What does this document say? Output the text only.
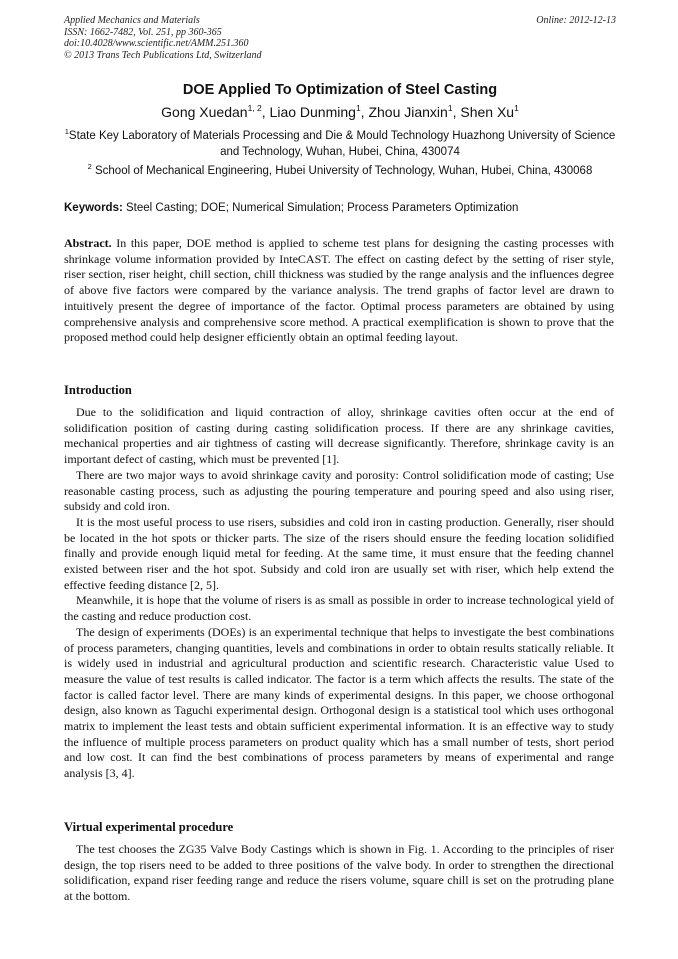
Applied Mechanics and Materials
ISSN: 1662-7482, Vol. 251, pp 360-365
doi:10.4028/www.scientific.net/AMM.251.360
© 2013 Trans Tech Publications Ltd, Switzerland
Online: 2012-12-13
DOE Applied To Optimization of Steel Casting
Gong Xuedan$^{1, 2}$, Liao Dunming$^1$, Zhou Jianxin$^1$, Shen Xu$^1$
$^1$State Key Laboratory of Materials Processing and Die & Mould Technology Huazhong University of Science and Technology, Wuhan, Hubei, China, 430074
$^2$ School of Mechanical Engineering, Hubei University of Technology, Wuhan, Hubei, China, 430068
Keywords: Steel Casting; DOE; Numerical Simulation; Process Parameters Optimization
Abstract. In this paper, DOE method is applied to scheme test plans for designing the casting processes with shrinkage volume information provided by InteCAST. The effect on casting defect by the setting of riser style, riser section, riser height, chill section, chill thickness was studied by the range analysis and the influences degree of above five factors were compared by the variance analysis. The trend graphs of factor level are drawn to intuitively present the degree of importance of the factor. Optimal process parameters are obtained by using comprehensive analysis and comprehensive score method. A practical exemplification is shown to prove that the proposed method could help designer efficiently obtain an optimal feeding layout.
Introduction

Due to the solidification and liquid contraction of alloy, shrinkage cavities often occur at the end of solidification position of casting during casting solidification process. If there are any shrinkage cavities, mechanical properties and air tightness of casting will decrease significantly. Therefore, shrinkage cavity is an important defect of casting, which must be prevented [1].

There are two major ways to avoid shrinkage cavity and porosity: Control solidification mode of casting; Use reasonable casting process, such as adjusting the pouring temperature and pouring speed and also using riser, subsidy and cold iron.

It is the most useful process to use risers, subsidies and cold iron in casting production. Generally, riser should be located in the hot spots or thicker parts. The size of the risers should ensure the feeding location solidified finally and provide enough liquid metal for feeding. At the same time, it must ensure that the feeding channel existed between riser and the hot spot. Subsidy and cold iron are usually set with riser, which help extend the effective feeding distance [2, 5].

Meanwhile, it is hope that the volume of risers is as small as possible in order to increase technological yield of the casting and reduce production cost.

The design of experiments (DOEs) is an experimental technique that helps to investigate the best combinations of process parameters, changing quantities, levels and combinations in order to obtain results statically reliable. It is widely used in industrial and agricultural production and scientific research. Characteristic value Used to measure the value of test results is called indicator. The factor is a term which affects the results. The state of the factor is called factor level. There are many kinds of experimental designs. In this paper, we choose orthogonal design, also known as Taguchi experimental design. Orthogonal design is a statistical tool which uses orthogonal matrix to implement the least tests and obtain sufficient experimental information. It is an effective way to study the influence of multiple process parameters on product quality which has a small number of tests, short period and low cost. It can find the best combinations of process parameters by means of experimental and range analysis [3, 4].

Virtual experimental procedure

The test chooses the ZG35 Valve Body Castings which is shown in Fig. 1. According to the principles of riser design, the top risers need to be added to three positions of the valve body. In order to strengthen the directional solidification, expand riser feeding range and reduce the risers volume, square chill is set on the protruding plane at the bottom.
